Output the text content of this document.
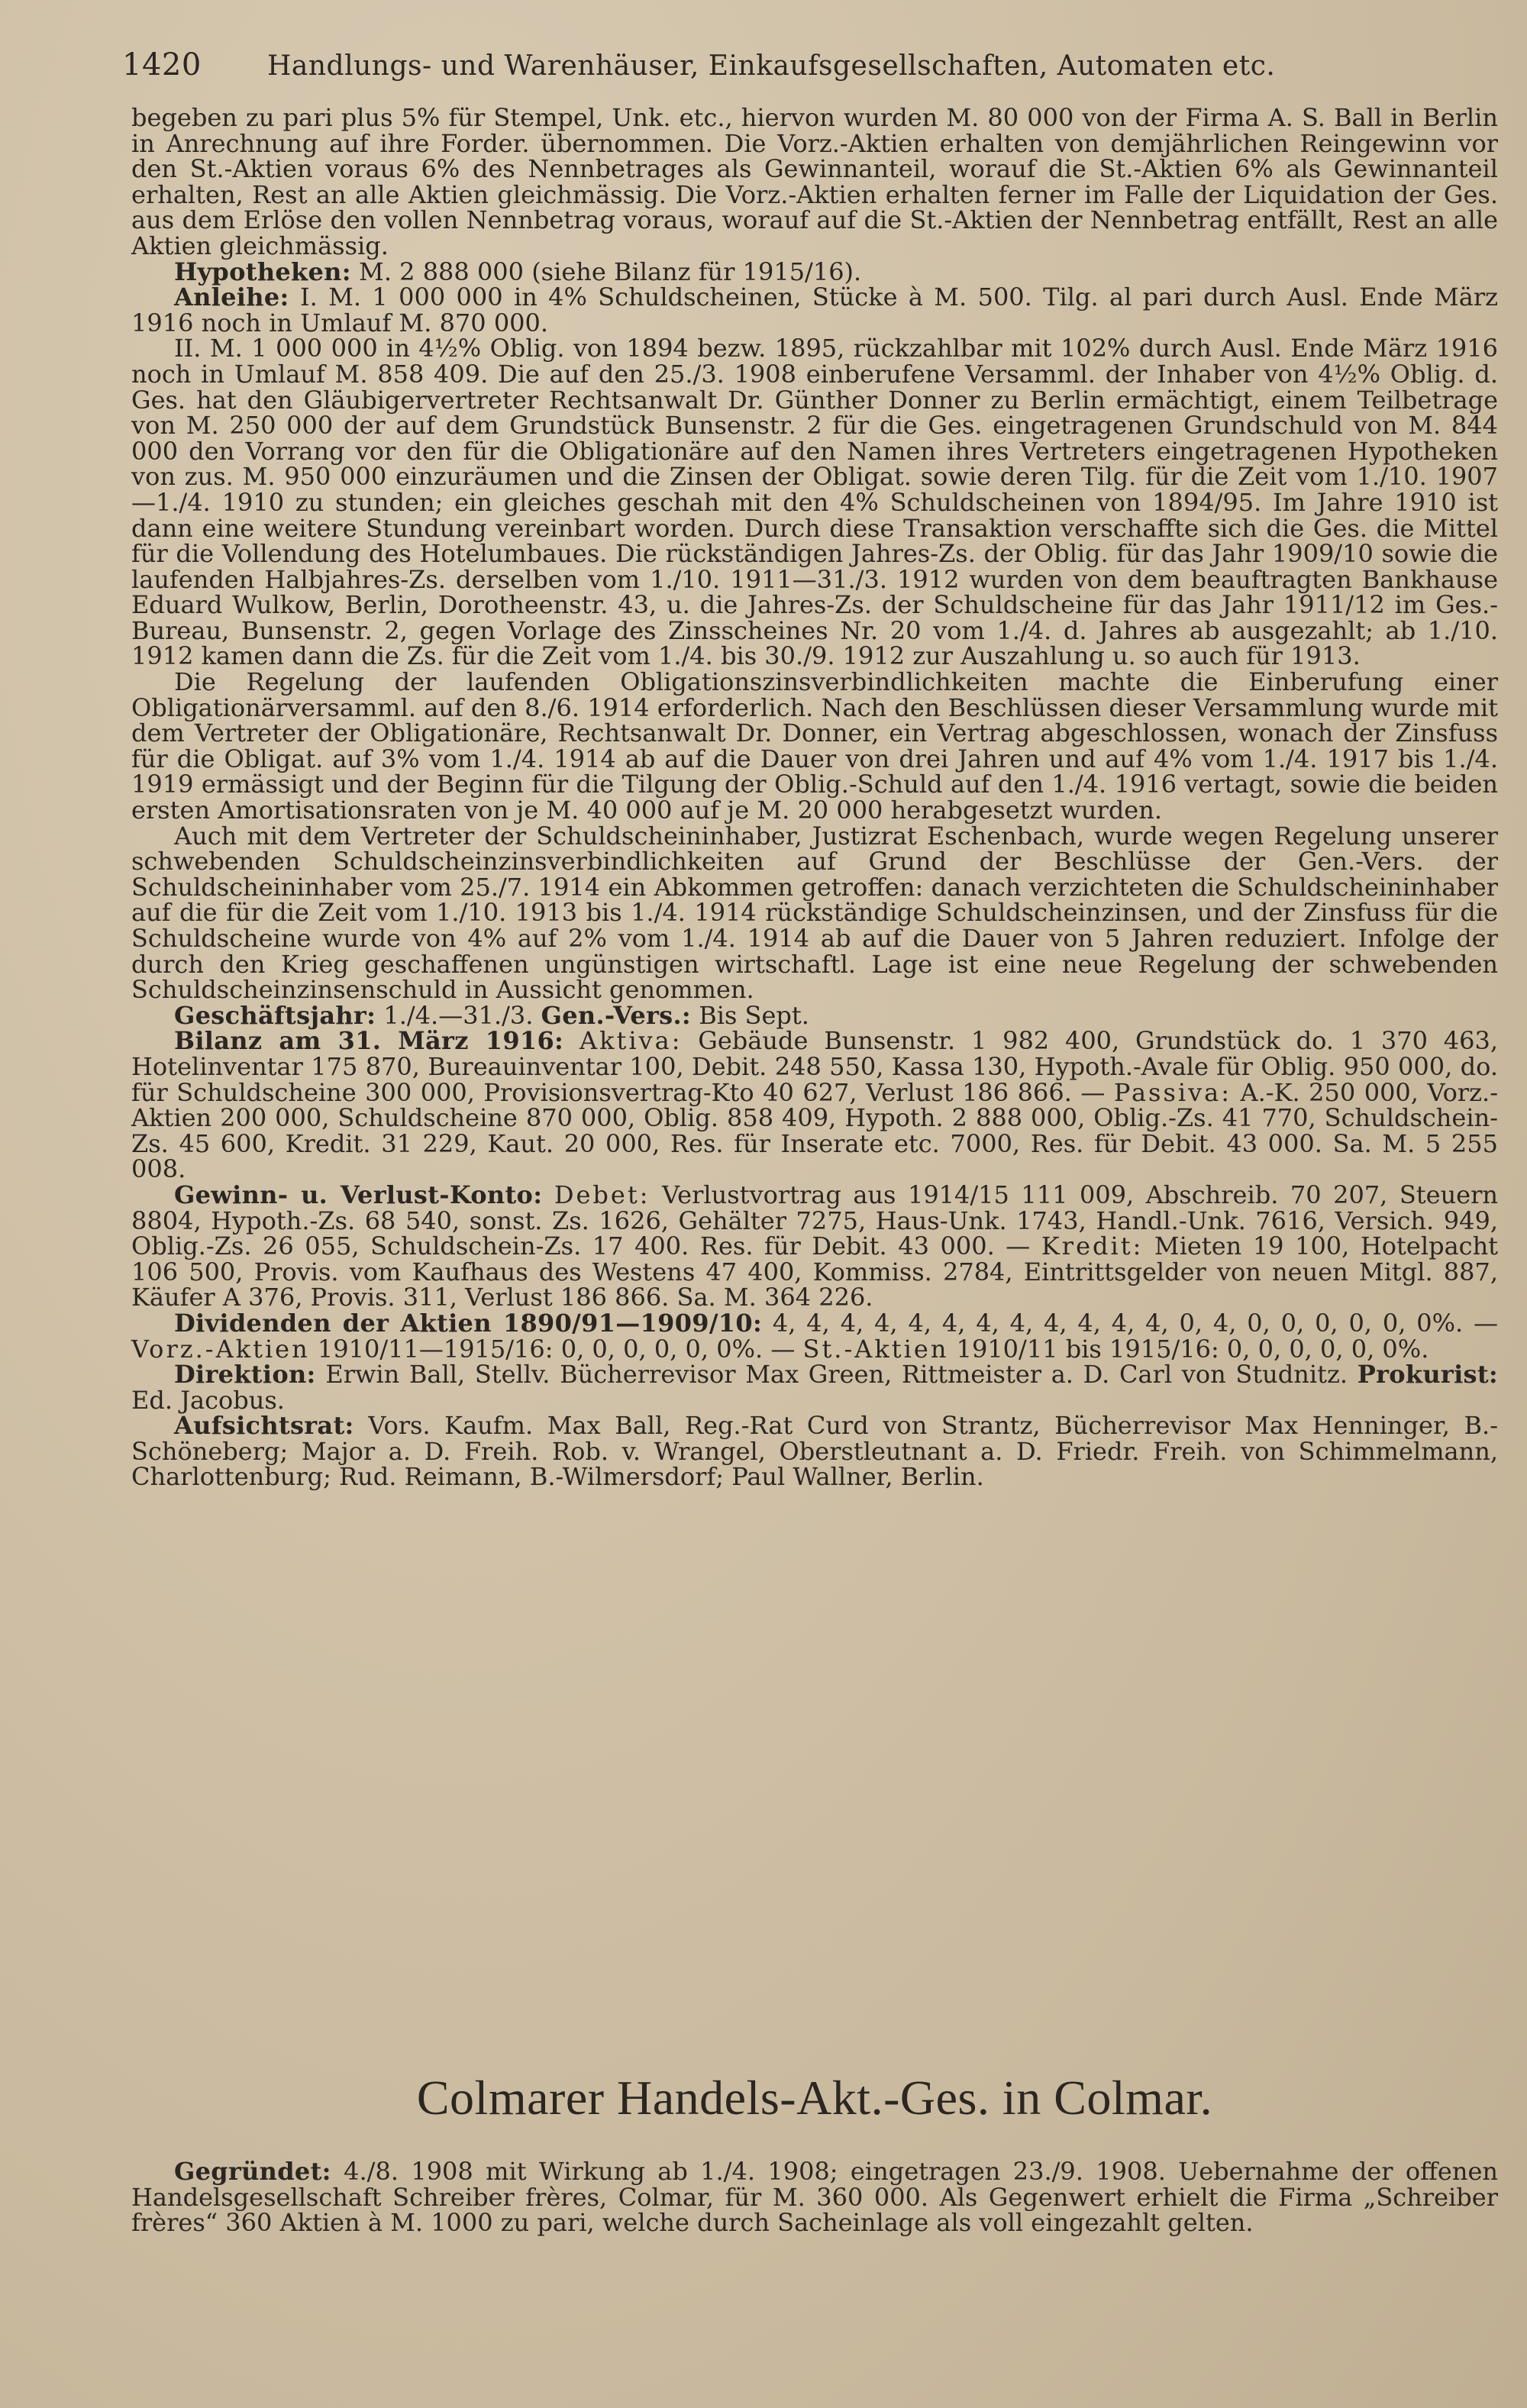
1420 Handlungs- und Warenhäuser, Einkaufsgesellschaften, Automaten etc.

begeben zu pari plus 5% für Stempel, Unk. etc., hiervon wurden M. 80 000 von der Firma A. S. Ball in Berlin in Anrechnung auf ihre Forder. übernommen. Die Vorz.-Aktien erhalten von demjährlichen Reingewinn vor den St.-Aktien voraus 6% des Nennbetrages als Gewinnanteil, worauf die St.-Aktien 6% als Gewinnanteil erhalten, Rest an alle Aktien gleichmässig. Die Vorz.-Aktien erhalten ferner im Falle der Liquidation der Ges. aus dem Erlöse den vollen Nennbetrag voraus, worauf auf die St.-Aktien der Nennbetrag entfällt, Rest an alle Aktien gleichmässig.

Hypotheken: M. 2 888 000 (siehe Bilanz für 1915/16).

Anleihe: I. M. 1 000 000 in 4% Schuldscheinen, Stücke à M. 500. Tilg. al pari durch Ausl. Ende März 1916 noch in Umlauf M. 870 000.

II. M. 1 000 000 in 4½% Oblig. von 1894 bezw. 1895, rückzahlbar mit 102% durch Ausl. Ende März 1916 noch in Umlauf M. 858 409. Die auf den 25./3. 1908 einberufene Versamml. der Inhaber von 4½% Oblig. d. Ges. hat den Gläubigervertreter Rechtsanwalt Dr. Günther Donner zu Berlin ermächtigt, einem Teilbetrage von M. 250 000 der auf dem Grundstück Bunsenstr. 2 für die Ges. eingetragenen Grundschuld von M. 844 000 den Vorrang vor den für die Obligationäre auf den Namen ihres Vertreters eingetragenen Hypotheken von zus. M. 950 000 einzuräumen und die Zinsen der Obligat. sowie deren Tilg. für die Zeit vom 1./10. 1907—1./4. 1910 zu stunden; ein gleiches geschah mit den 4% Schuldscheinen von 1894/95. Im Jahre 1910 ist dann eine weitere Stundung vereinbart worden. Durch diese Transaktion verschaffte sich die Ges. die Mittel für die Vollendung des Hotelumbaues. Die rückständigen Jahres-Zs. der Oblig. für das Jahr 1909/10 sowie die laufenden Halbjahres-Zs. derselben vom 1./10. 1911—31./3. 1912 wurden von dem beauftragten Bankhause Eduard Wulkow, Berlin, Dorotheenstr. 43, u. die Jahres-Zs. der Schuldscheine für das Jahr 1911/12 im Ges.-Bureau, Bunsenstr. 2, gegen Vorlage des Zinsscheines Nr. 20 vom 1./4. d. Jahres ab ausgezahlt; ab 1./10. 1912 kamen dann die Zs. für die Zeit vom 1./4. bis 30./9. 1912 zur Auszahlung u. so auch für 1913.

Die Regelung der laufenden Obligationszinsverbindlichkeiten machte die Einberufung einer Obligationärversamml. auf den 8./6. 1914 erforderlich. Nach den Beschlüssen dieser Versammlung wurde mit dem Vertreter der Obligationäre, Rechtsanwalt Dr. Donner, ein Vertrag abgeschlossen, wonach der Zinsfuss für die Obligat. auf 3% vom 1./4. 1914 ab auf die Dauer von drei Jahren und auf 4% vom 1./4. 1917 bis 1./4. 1919 ermässigt und der Beginn für die Tilgung der Oblig.-Schuld auf den 1./4. 1916 vertagt, sowie die beiden ersten Amortisationsraten von je M. 40 000 auf je M. 20 000 herabgesetzt wurden.

Auch mit dem Vertreter der Schuldscheininhaber, Justizrat Eschenbach, wurde wegen Regelung unserer schwebenden Schuldscheinzinsverbindlichkeiten auf Grund der Beschlüsse der Gen.-Vers. der Schuldscheininhaber vom 25./7. 1914 ein Abkommen getroffen: danach verzichteten die Schuldscheininhaber auf die für die Zeit vom 1./10. 1913 bis 1./4. 1914 rückständige Schuldscheinzinsen, und der Zinsfuss für die Schuldscheine wurde von 4% auf 2% vom 1./4. 1914 ab auf die Dauer von 5 Jahren reduziert. Infolge der durch den Krieg geschaffenen ungünstigen wirtschaftl. Lage ist eine neue Regelung der schwebenden Schuldscheinzinsenschuld in Aussicht genommen.

Geschäftsjahr: 1./4.—31./3. Gen.-Vers.: Bis Sept.

Bilanz am 31. März 1916: Aktiva: Gebäude Bunsenstr. 1 982 400, Grundstück do. 1 370 463, Hotelinventar 175 870, Bureauinventar 100, Debit. 248 550, Kassa 130, Hypoth.-Avale für Oblig. 950 000, do. für Schuldscheine 300 000, Provisionsvertrag-Kto 40 627, Verlust 186 866. — Passiva: A.-K. 250 000, Vorz.-Aktien 200 000, Schuldscheine 870 000, Oblig. 858 409, Hypoth. 2 888 000, Oblig.-Zs. 41 770, Schuldschein-Zs. 45 600, Kredit. 31 229, Kaut. 20 000, Res. für Inserate etc. 7000, Res. für Debit. 43 000. Sa. M. 5 255 008.

Gewinn- u. Verlust-Konto: Debet: Verlustvortrag aus 1914/15 111 009, Abschreib. 70 207, Steuern 8804, Hypoth.-Zs. 68 540, sonst. Zs. 1626, Gehälter 7275, Haus-Unk. 1743, Handl.-Unk. 7616, Versich. 949, Oblig.-Zs. 26 055, Schuldschein-Zs. 17 400. Res. für Debit. 43 000. — Kredit: Mieten 19 100, Hotelpacht 106 500, Provis. vom Kaufhaus des Westens 47 400, Kommiss. 2784, Eintrittsgelder von neuen Mitgl. 887, Käufer A 376, Provis. 311, Verlust 186 866. Sa. M. 364 226.

Dividenden der Aktien 1890/91—1909/10: 4, 4, 4, 4, 4, 4, 4, 4, 4, 4, 4, 4, 0, 4, 0, 0, 0, 0, 0, 0%. — Vorz.-Aktien 1910/11—1915/16: 0, 0, 0, 0, 0, 0%. — St.-Aktien 1910/11 bis 1915/16: 0, 0, 0, 0, 0, 0%.

Direktion: Erwin Ball, Stellv. Bücherrevisor Max Green, Rittmeister a. D. Carl von Studnitz. Prokurist: Ed. Jacobus.

Aufsichtsrat: Vors. Kaufm. Max Ball, Reg.-Rat Curd von Strantz, Bücherrevisor Max Henninger, B.-Schöneberg; Major a. D. Freih. Rob. v. Wrangel, Oberstleutnant a. D. Friedr. Freih. von Schimmelmann, Charlottenburg; Rud. Reimann, B.-Wilmersdorf; Paul Wallner, Berlin.

Colmarer Handels-Akt.-Ges. in Colmar.

Gegründet: 4./8. 1908 mit Wirkung ab 1./4. 1908; eingetragen 23./9. 1908. Uebernahme der offenen Handelsgesellschaft Schreiber frères, Colmar, für M. 360 000. Als Gegenwert erhielt die Firma „Schreiber frères“ 360 Aktien à M. 1000 zu pari, welche durch Sacheinlage als voll eingezahlt gelten.
